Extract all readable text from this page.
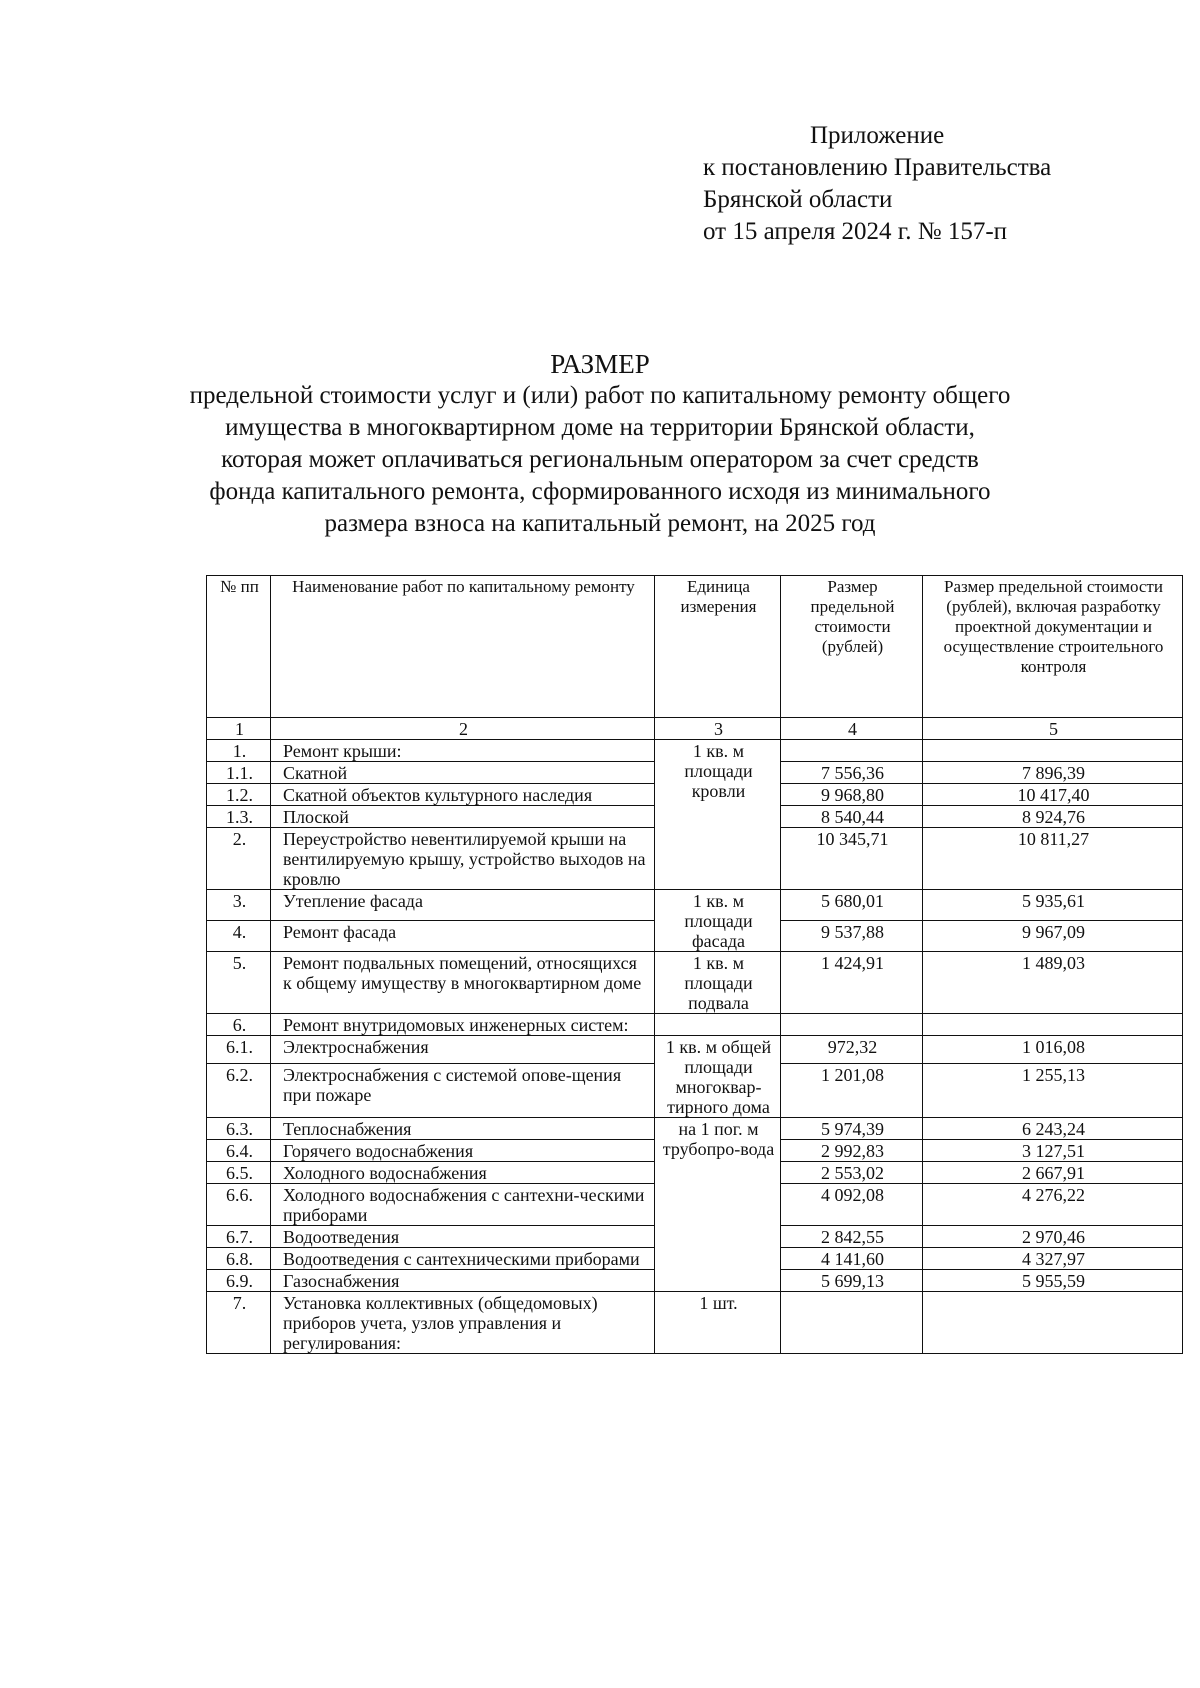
Приложение
к постановлению Правительства
Брянской области
от 15 апреля 2024 г. № 157-п
РАЗМЕР
предельной стоимости услуг и (или) работ по капитальному ремонту общего
имущества в многоквартирном доме на территории Брянской области,
которая может оплачиваться региональным оператором за счет средств
фонда капитального ремонта, сформированного исходя из минимального
размера взноса на капитальный ремонт, на 2025 год
№ пп	Наименование работ по капитальному ремонту	Единица измерения	Размер предельной стоимости (рублей)	Размер предельной стоимости (рублей), включая разработку проектной документации и осуществление строительного контроля
1	2	3	4	5
1.	Ремонт крыши:	1 кв. м площади кровли		
1.1.	Скатной		7 556,36	7 896,39
1.2.	Скатной объектов культурного наследия		9 968,80	10 417,40
1.3.	Плоской		8 540,44	8 924,76
2.	Переустройство невентилируемой крыши на вентилируемую крышу, устройство выходов на кровлю		10 345,71	10 811,27
3.	Утепление фасада	1 кв. м площади фасада	5 680,01	5 935,61
4.	Ремонт фасада		9 537,88	9 967,09
5.	Ремонт подвальных помещений, относящихся к общему имуществу в многоквартирном доме	1 кв. м площади подвала	1 424,91	1 489,03
6.	Ремонт внутридомовых инженерных систем:			
6.1.	Электроснабжения	1 кв. м общей площади многоквар-тирного дома	972,32	1 016,08
6.2.	Электроснабжения с системой опове-щения при пожаре		1 201,08	1 255,13
6.3.	Теплоснабжения	на 1 пог. м трубопро-вода	5 974,39	6 243,24
6.4.	Горячего водоснабжения		2 992,83	3 127,51
6.5.	Холодного водоснабжения		2 553,02	2 667,91
6.6.	Холодного водоснабжения с сантехни-ческими приборами		4 092,08	4 276,22
6.7.	Водоотведения		2 842,55	2 970,46
6.8.	Водоотведения с сантехническими приборами		4 141,60	4 327,97
6.9.	Газоснабжения		5 699,13	5 955,59
7.	Установка коллективных (общедомовых) приборов учета, узлов управления и регулирования:	1 шт.		
